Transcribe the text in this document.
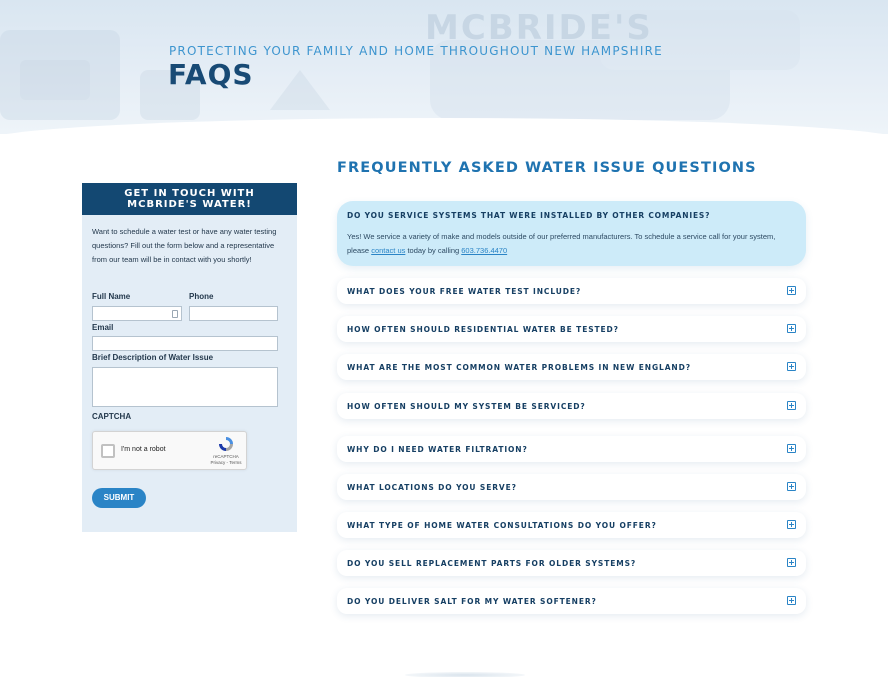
MCBRIDE'S
PROTECTING YOUR FAMILY AND HOME THROUGHOUT NEW HAMPSHIRE
FAQS
GET IN TOUCH WITH
MCBRIDE'S WATER!

Want to schedule a water test or have any water testing questions? Fill out the form below and a representative from our team will be in contact with you shortly!

Full Name	Phone
Email
Brief Description of Water Issue
CAPTCHA
I'm not a robot
reCAPTCHA
Privacy - Terms
SUBMIT
FREQUENTLY ASKED WATER ISSUE QUESTIONS
DO YOU SERVICE SYSTEMS THAT WERE INSTALLED BY OTHER COMPANIES?

Yes! We service a variety of make and models outside of our preferred manufacturers. To schedule a service call for your system, please contact us today by calling 603.736.4470

WHAT DOES YOUR FREE WATER TEST INCLUDE?
HOW OFTEN SHOULD RESIDENTIAL WATER BE TESTED?
WHAT ARE THE MOST COMMON WATER PROBLEMS IN NEW ENGLAND?
HOW OFTEN SHOULD MY SYSTEM BE SERVICED?
WHY DO I NEED WATER FILTRATION?
WHAT LOCATIONS DO YOU SERVE?
WHAT TYPE OF HOME WATER CONSULTATIONS DO YOU OFFER?
DO YOU SELL REPLACEMENT PARTS FOR OLDER SYSTEMS?
DO YOU DELIVER SALT FOR MY WATER SOFTENER?
